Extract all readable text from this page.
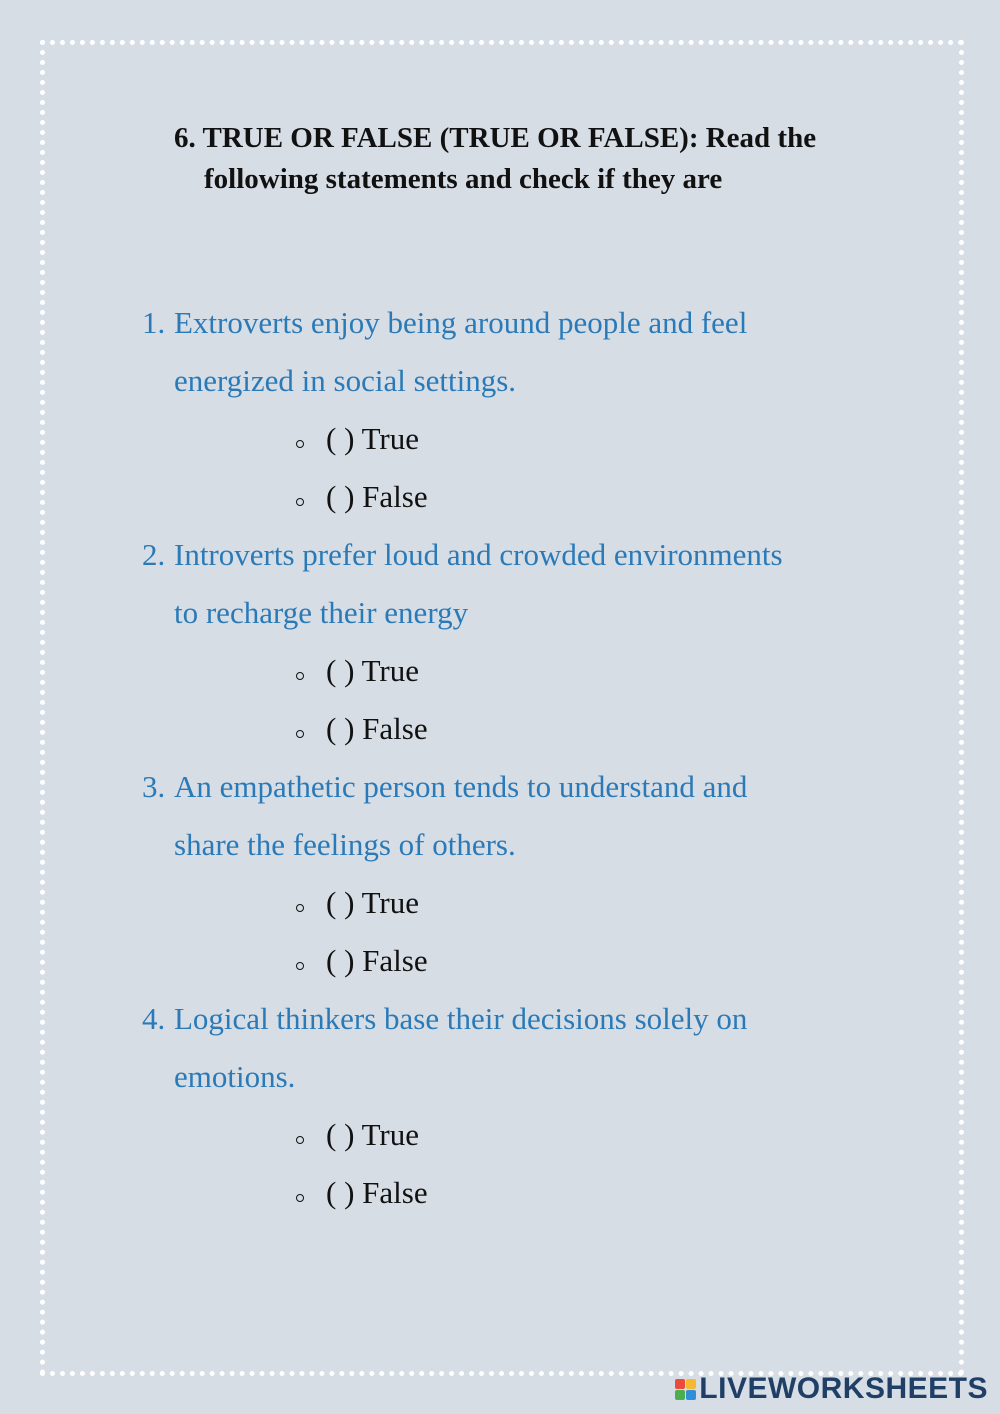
6. TRUE OR FALSE (TRUE OR FALSE): Read the
following statements and check if they are
1. Extroverts enjoy being around people and feel
energized in social settings.
( ) True
( ) False
2. Introverts prefer loud and crowded environments
to recharge their energy
( ) True
( ) False
3. An empathetic person tends to understand and
share the feelings of others.
( ) True
( ) False
4. Logical thinkers base their decisions solely on
emotions.
( ) True
( ) False
LIVEWORKSHEETS
